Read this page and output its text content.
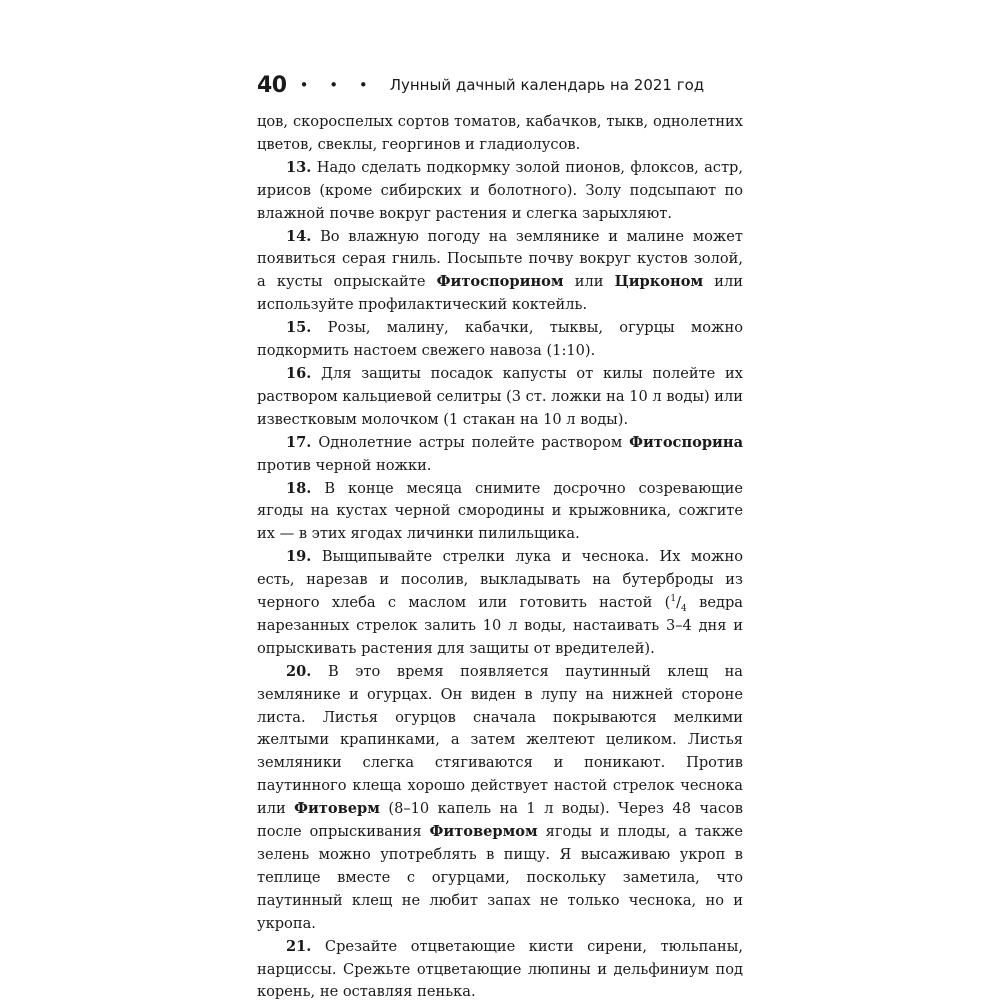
40 • • • Лунный дачный календарь на 2021 год

цов, скороспелых сортов томатов, кабачков, тыкв, однолетних цветов, свеклы, георгинов и гладиолусов.

13. Надо сделать подкормку золой пионов, флоксов, астр, ирисов (кроме сибирских и болотного). Золу подсыпают по влажной почве вокруг растения и слегка зарыхляют.

14. Во влажную погоду на землянике и малине может появиться серая гниль. Посыпьте почву вокруг кустов золой, а кусты опрыскайте Фитоспорином или Цирконом или используйте профилактический коктейль.

15. Розы, малину, кабачки, тыквы, огурцы можно подкормить настоем свежего навоза (1:10).

16. Для защиты посадок капусты от килы полейте их раствором кальциевой селитры (3 ст. ложки на 10 л воды) или известковым молочком (1 стакан на 10 л воды).

17. Однолетние астры полейте раствором Фитоспорина против черной ножки.

18. В конце месяца снимите досрочно созревающие ягоды на кустах черной смородины и крыжовника, сожгите их — в этих ягодах личинки пилильщика.

19. Выщипывайте стрелки лука и чеснока. Их можно есть, нарезав и посолив, выкладывать на бутерброды из черного хлеба с маслом или готовить настой ($^1/_4$ ведра нарезанных стрелок залить 10 л воды, настаивать 3–4 дня и опрыскивать растения для защиты от вредителей).

20. В это время появляется паутинный клещ на землянике и огурцах. Он виден в лупу на нижней стороне листа. Листья огурцов сначала покрываются мелкими желтыми крапинками, а затем желтеют целиком. Листья земляники слегка стягиваются и поникают. Против паутинного клеща хорошо действует настой стрелок чеснока или Фитоверм (8–10 капель на 1 л воды). Через 48 часов после опрыскивания Фитовермом ягоды и плоды, а также зелень можно употреблять в пищу. Я высаживаю укроп в теплице вместе с огурцами, поскольку заметила, что паутинный клещ не любит запах не только чеснока, но и укропа.

21. Срезайте отцветающие кисти сирени, тюльпаны, нарциссы. Срежьте отцветающие люпины и дельфиниум под корень, не оставляя пенька.
